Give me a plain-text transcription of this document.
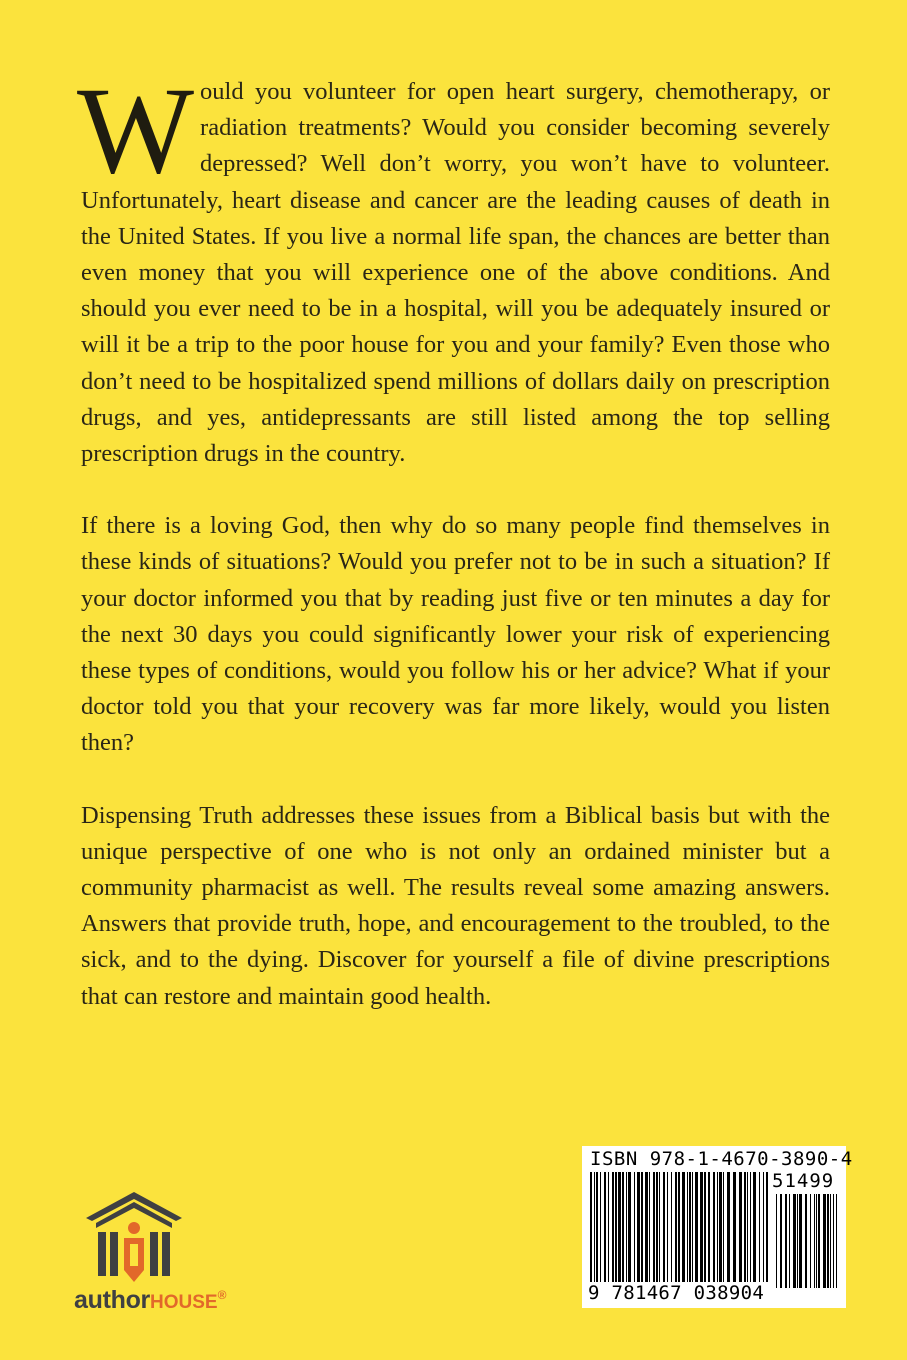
Would you volunteer for open heart surgery, chemotherapy, or radiation treatments? Would you consider becoming severely depressed? Well don’t worry, you won’t have to volunteer. Unfortunately, heart disease and cancer are the leading causes of death in the United States. If you live a normal life span, the chances are better than even money that you will experience one of the above conditions. And should you ever need to be in a hospital, will you be adequately insured or will it be a trip to the poor house for you and your family? Even those who don’t need to be hospitalized spend millions of dollars daily on prescription drugs, and yes, antidepressants are still listed among the top selling prescription drugs in the country.

If there is a loving God, then why do so many people find themselves in these kinds of situations? Would you prefer not to be in such a situation? If your doctor informed you that by reading just five or ten minutes a day for the next 30 days you could significantly lower your risk of experiencing these types of conditions, would you follow his or her advice? What if your doctor told you that your recovery was far more likely, would you listen then?

Dispensing Truth addresses these issues from a Biblical basis but with the unique perspective of one who is not only an ordained minister but a community pharmacist as well. The results reveal some amazing answers. Answers that provide truth, hope, and encouragement to the troubled, to the sick, and to the dying. Discover for yourself a file of divine prescriptions that can restore and maintain good health.

authorHOUSE®
ISBN 978-1-4670-3890-4
51499
9 781467 038904
